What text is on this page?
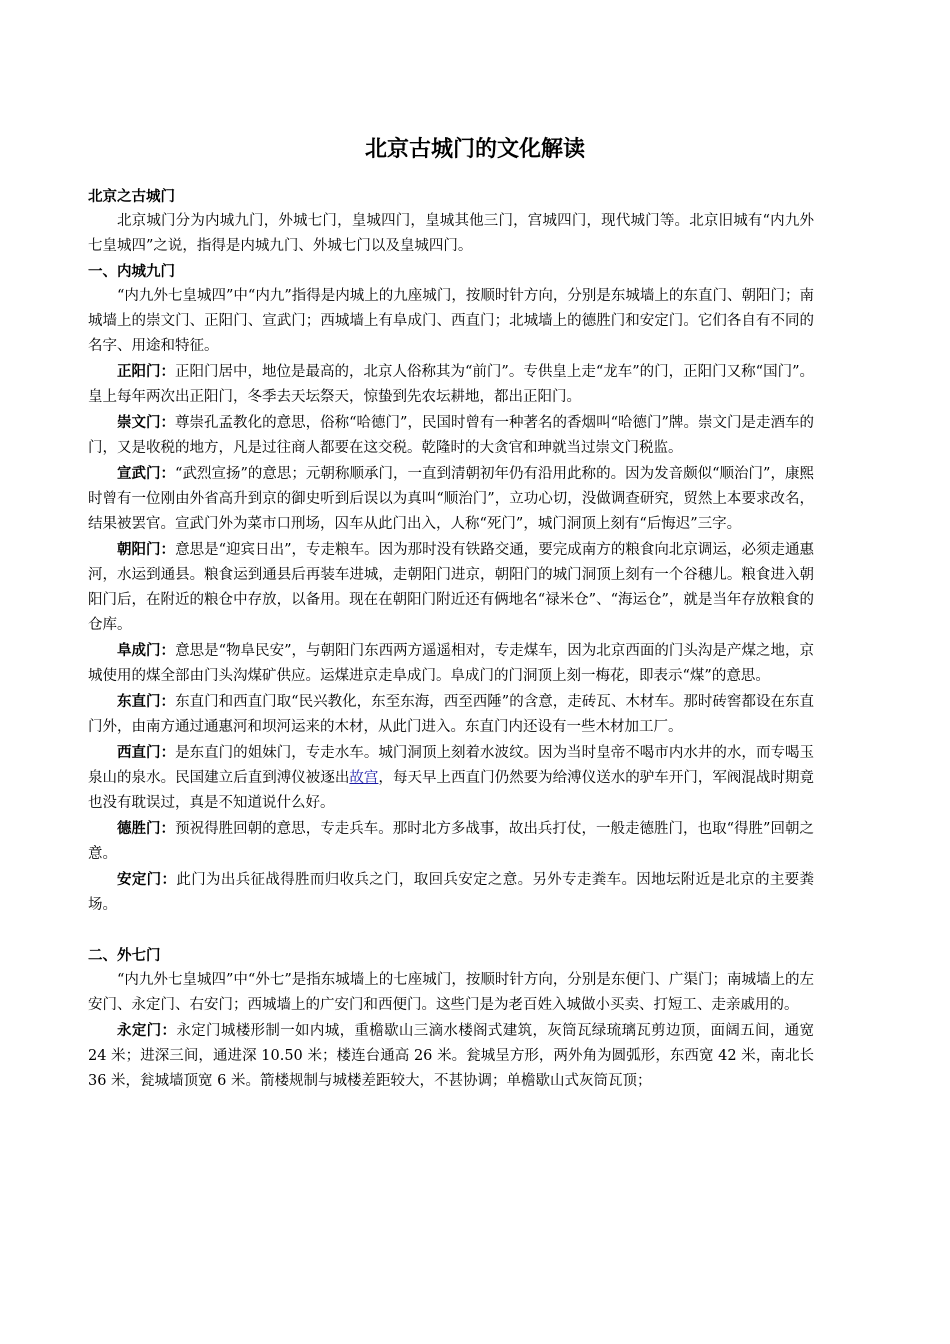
北京古城门的文化解读
北京之古城门

北京城门分为内城九门，外城七门，皇城四门，皇城其他三门，宫城四门，现代城门等。北京旧城有“内九外七皇城四”之说，指得是内城九门、外城七门以及皇城四门。

一、内城九门

“内九外七皇城四”中“内九”指得是内城上的九座城门，按顺时针方向，分别是东城墙上的东直门、朝阳门；南城墙上的崇文门、正阳门、宣武门；西城墙上有阜成门、西直门；北城墙上的德胜门和安定门。它们各自有不同的名字、用途和特征。

正阳门：正阳门居中，地位是最高的，北京人俗称其为“前门”。专供皇上走“龙车”的门，正阳门又称“国门”。皇上每年两次出正阳门，冬季去天坛祭天，惊蛰到先农坛耕地，都出正阳门。

崇文门：尊崇孔孟教化的意思，俗称“哈德门”，民国时曾有一种著名的香烟叫“哈德门”牌。崇文门是走酒车的门，又是收税的地方，凡是过往商人都要在这交税。乾隆时的大贪官和珅就当过崇文门税监。

宣武门：“武烈宣扬”的意思；元朝称顺承门，一直到清朝初年仍有沿用此称的。因为发音颇似“顺治门”，康熙时曾有一位刚由外省高升到京的御史听到后误以为真叫“顺治门”，立功心切，没做调查研究，贸然上本要求改名，结果被罢官。宣武门外为菜市口刑场，囚车从此门出入，人称“死门”，城门洞顶上刻有“后悔迟”三字。

朝阳门：意思是“迎宾日出”，专走粮车。因为那时没有铁路交通，要完成南方的粮食向北京调运，必须走通惠河，水运到通县。粮食运到通县后再装车进城，走朝阳门进京，朝阳门的城门洞顶上刻有一个谷穗儿。粮食进入朝阳门后，在附近的粮仓中存放，以备用。现在在朝阳门附近还有俩地名“禄米仓”、“海运仓”，就是当年存放粮食的仓库。

阜成门：意思是“物阜民安”，与朝阳门东西两方遥遥相对，专走煤车，因为北京西面的门头沟是产煤之地，京城使用的煤全部由门头沟煤矿供应。运煤进京走阜成门。阜成门的门洞顶上刻一梅花，即表示“煤”的意思。

东直门：东直门和西直门取“民兴教化，东至东海，西至西陲”的含意，走砖瓦、木材车。那时砖窖都设在东直门外，由南方通过通惠河和坝河运来的木材，从此门进入。东直门内还设有一些木材加工厂。

西直门：是东直门的姐妹门，专走水车。城门洞顶上刻着水波纹。因为当时皇帝不喝市内水井的水，而专喝玉泉山的泉水。民国建立后直到溥仪被逐出故宫，每天早上西直门仍然要为给溥仪送水的驴车开门，军阀混战时期竟也没有耽误过，真是不知道说什么好。

德胜门：预祝得胜回朝的意思，专走兵车。那时北方多战事，故出兵打仗，一般走德胜门，也取“得胜”回朝之意。

安定门：此门为出兵征战得胜而归收兵之门，取回兵安定之意。另外专走粪车。因地坛附近是北京的主要粪场。

二、外七门

“内九外七皇城四”中“外七”是指东城墙上的七座城门，按顺时针方向，分别是东便门、广渠门；南城墙上的左安门、永定门、右安门；西城墙上的广安门和西便门。这些门是为老百姓入城做小买卖、打短工、走亲戚用的。

永定门：永定门城楼形制一如内城，重檐歇山三滴水楼阁式建筑，灰筒瓦绿琉璃瓦剪边顶，面阔五间，通宽 24 米；进深三间，通进深 10.50 米；楼连台通高 26 米。瓮城呈方形，两外角为圆弧形，东西宽 42 米，南北长 36 米，瓮城墙顶宽 6 米。箭楼规制与城楼差距较大，不甚协调；单檐歇山式灰筒瓦顶；
